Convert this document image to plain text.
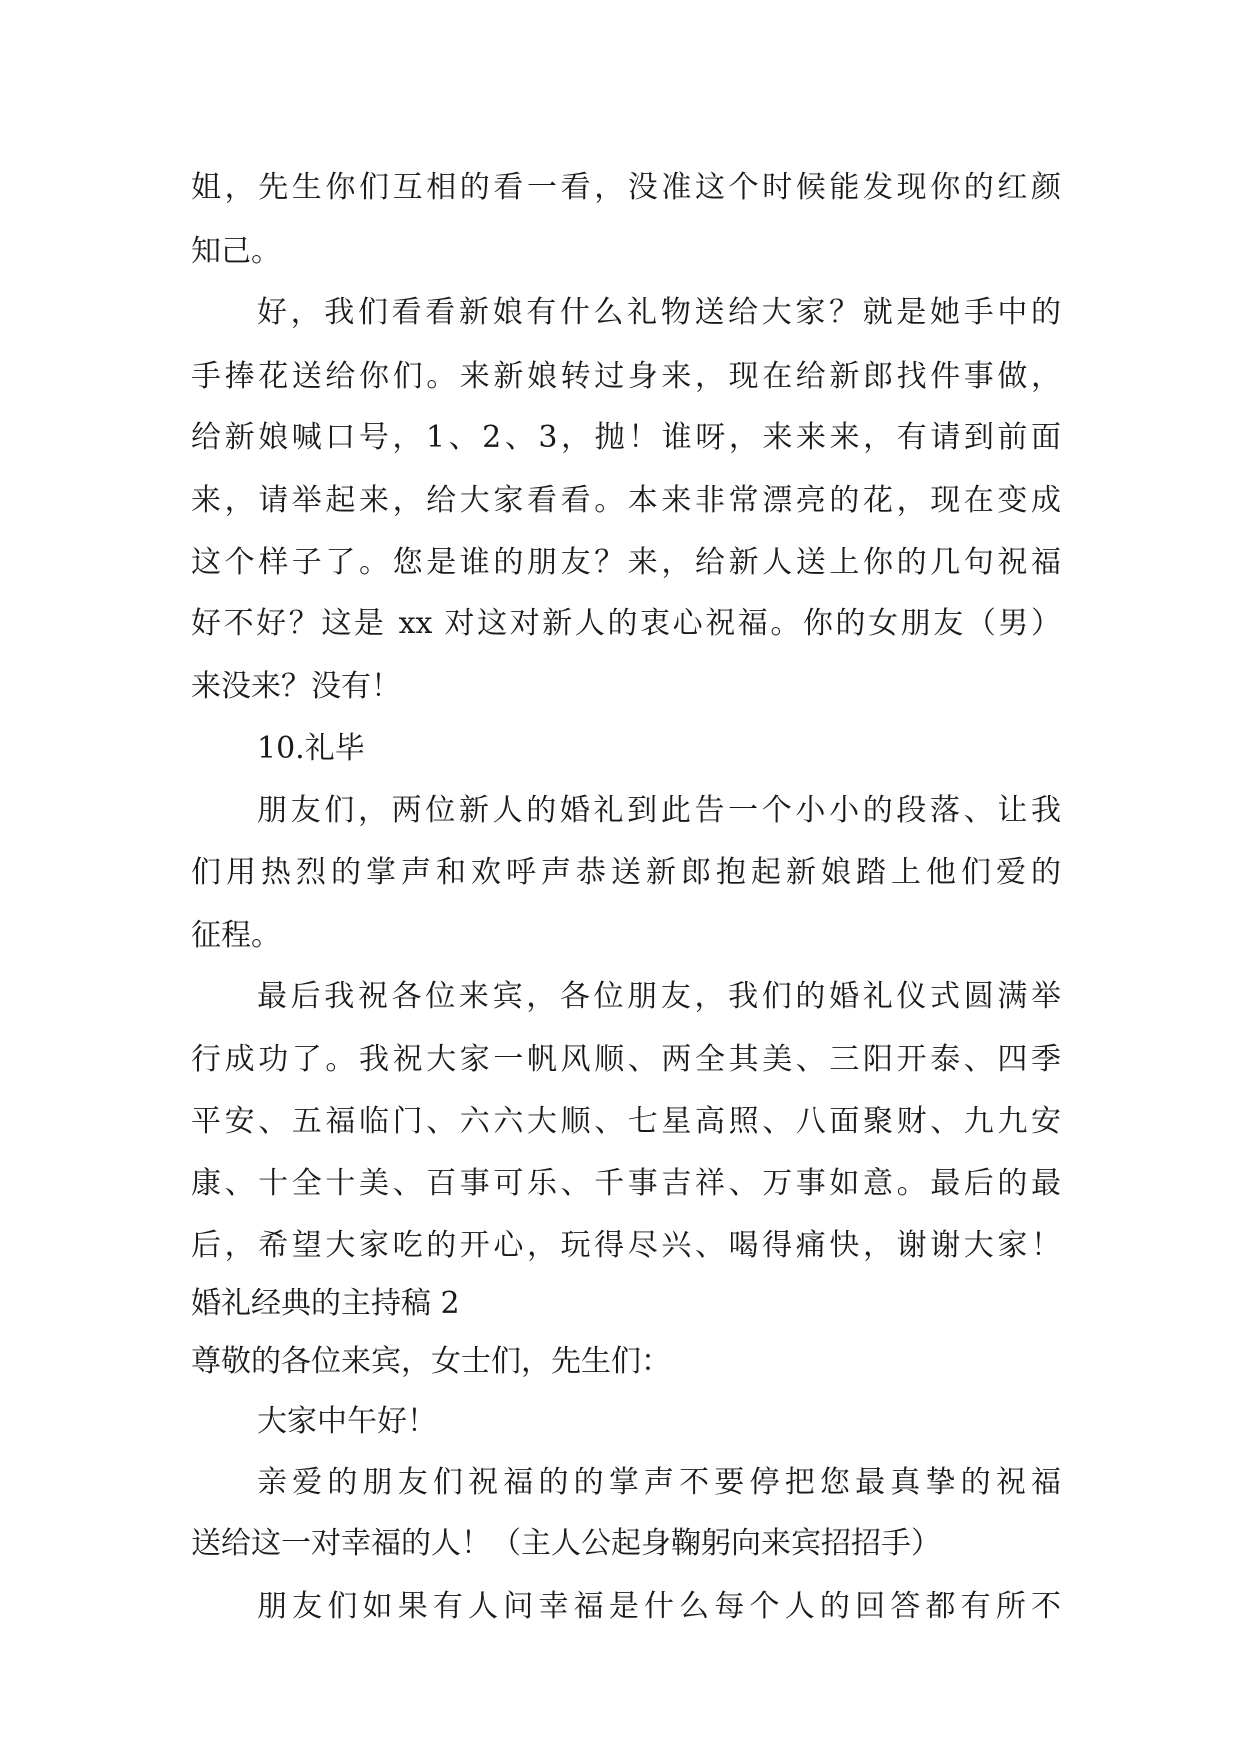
姐，先生你们互相的看一看，没准这个时候能发现你的红颜
知己。
好，我们看看新娘有什么礼物送给大家？就是她手中的
手捧花送给你们。来新娘转过身来，现在给新郎找件事做，
给新娘喊口号，1、2、3，抛！谁呀，来来来，有请到前面
来，请举起来，给大家看看。本来非常漂亮的花，现在变成
这个样子了。您是谁的朋友？来，给新人送上你的几句祝福
好不好？这是 xx 对这对新人的衷心祝福。你的女朋友（男）
来没来？没有！
10.礼毕
朋友们，两位新人的婚礼到此告一个小小的段落、让我
们用热烈的掌声和欢呼声恭送新郎抱起新娘踏上他们爱的
征程。
最后我祝各位来宾，各位朋友，我们的婚礼仪式圆满举
行成功了。我祝大家一帆风顺、两全其美、三阳开泰、四季
平安、五福临门、六六大顺、七星高照、八面聚财、九九安
康、十全十美、百事可乐、千事吉祥、万事如意。最后的最
后，希望大家吃的开心，玩得尽兴、喝得痛快，谢谢大家！
婚礼经典的主持稿 2
尊敬的各位来宾，女士们，先生们：
大家中午好！
亲爱的朋友们祝福的的掌声不要停把您最真挚的祝福
送给这一对幸福的人！（主人公起身鞠躬向来宾招招手）
朋友们如果有人问幸福是什么每个人的回答都有所不
